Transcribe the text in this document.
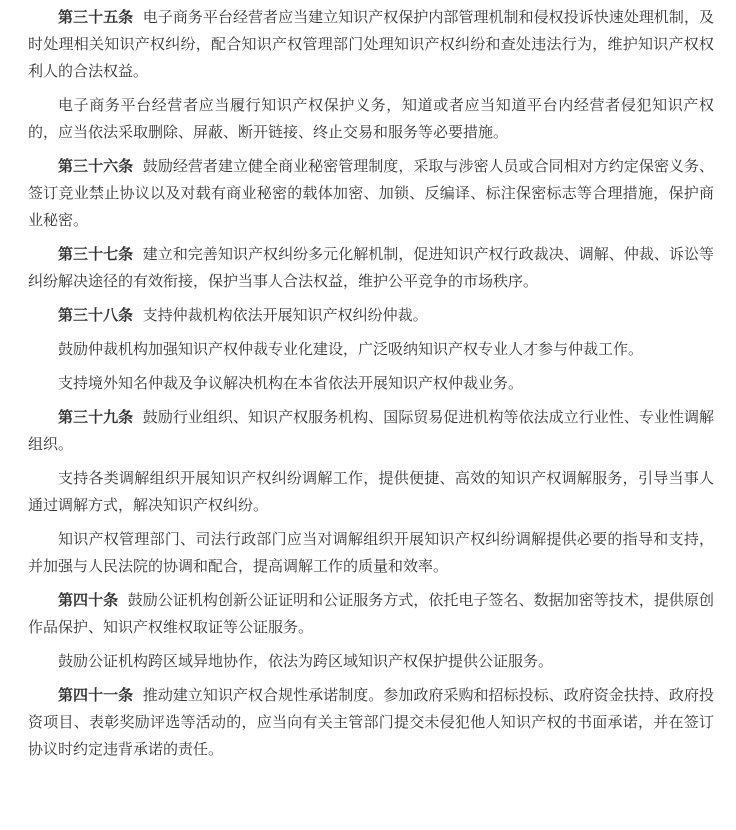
第三十五条 电子商务平台经营者应当建立知识产权保护内部管理机制和侵权投诉快速处理机制，及时处理相关知识产权纠纷，配合知识产权管理部门处理知识产权纠纷和查处违法行为，维护知识产权权利人的合法权益。

电子商务平台经营者应当履行知识产权保护义务，知道或者应当知道平台内经营者侵犯知识产权的，应当依法采取删除、屏蔽、断开链接、终止交易和服务等必要措施。

第三十六条 鼓励经营者建立健全商业秘密管理制度，采取与涉密人员或合同相对方约定保密义务、签订竞业禁止协议以及对载有商业秘密的载体加密、加锁、反编译、标注保密标志等合理措施，保护商业秘密。

第三十七条 建立和完善知识产权纠纷多元化解机制，促进知识产权行政裁决、调解、仲裁、诉讼等纠纷解决途径的有效衔接，保护当事人合法权益，维护公平竞争的市场秩序。

第三十八条 支持仲裁机构依法开展知识产权纠纷仲裁。

鼓励仲裁机构加强知识产权仲裁专业化建设，广泛吸纳知识产权专业人才参与仲裁工作。

支持境外知名仲裁及争议解决机构在本省依法开展知识产权仲裁业务。

第三十九条 鼓励行业组织、知识产权服务机构、国际贸易促进机构等依法成立行业性、专业性调解组织。

支持各类调解组织开展知识产权纠纷调解工作，提供便捷、高效的知识产权调解服务，引导当事人通过调解方式，解决知识产权纠纷。

知识产权管理部门、司法行政部门应当对调解组织开展知识产权纠纷调解提供必要的指导和支持，并加强与人民法院的协调和配合，提高调解工作的质量和效率。

第四十条 鼓励公证机构创新公证证明和公证服务方式，依托电子签名、数据加密等技术，提供原创作品保护、知识产权维权取证等公证服务。

鼓励公证机构跨区域异地协作，依法为跨区域知识产权保护提供公证服务。

第四十一条 推动建立知识产权合规性承诺制度。参加政府采购和招标投标、政府资金扶持、政府投资项目、表彰奖励评选等活动的，应当向有关主管部门提交未侵犯他人知识产权的书面承诺，并在签订协议时约定违背承诺的责任。
